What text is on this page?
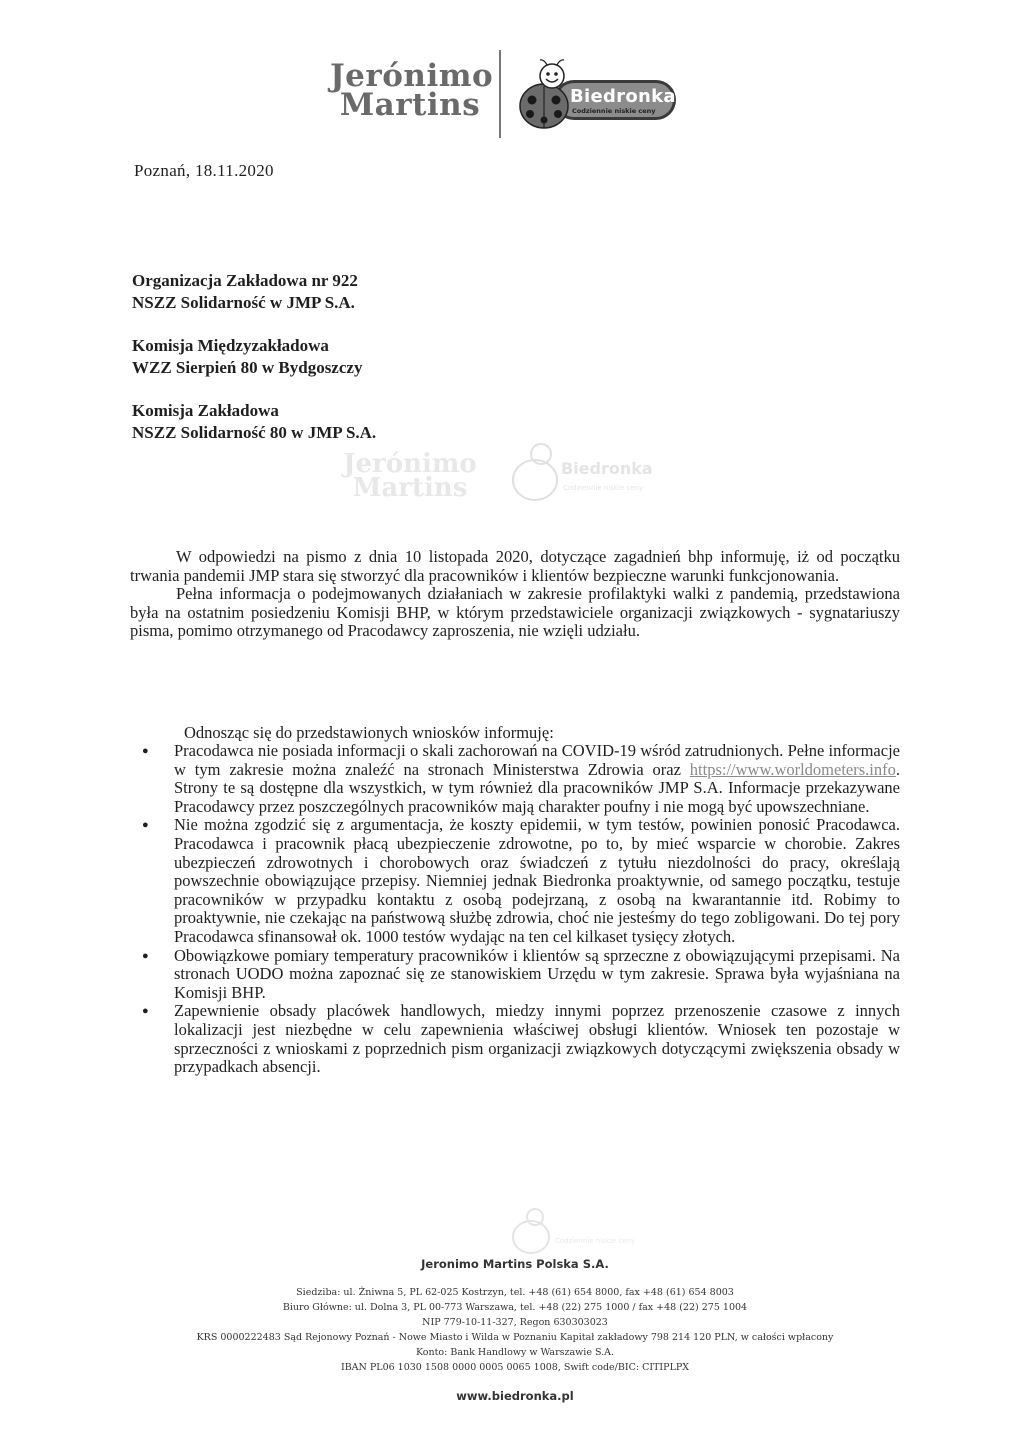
Jerónimo
Martins	Biedronka
Codziennie niskie ceny
Jerónimo
Martins
Biedronka
Codziennie niskie ceny
Codziennie niskie ceny
Poznań, 18.11.2020
Organizacja Zakładowa nr 922
NSZZ Solidarność w JMP S.A.
Komisja Międzyzakładowa
WZZ Sierpień 80 w Bydgoszczy
Komisja Zakładowa
NSZZ Solidarność 80 w JMP S.A.

W odpowiedzi na pismo z dnia 10 listopada 2020, dotyczące zagadnień bhp informuję, iż od początku trwania pandemii JMP stara się stworzyć dla pracowników i klientów bezpieczne warunki funkcjonowania.

Pełna informacja o podejmowanych działaniach w zakresie profilaktyki walki z pandemią, przedstawiona była na ostatnim posiedzeniu Komisji BHP, w którym przedstawiciele organizacji związkowych - sygnatariuszy pisma, pomimo otrzymanego od Pracodawcy zaproszenia, nie wzięli udziału.

Odnosząc się do przedstawionych wniosków informuję:
● Pracodawca nie posiada informacji o skali zachorowań na COVID-19 wśród zatrudnionych. Pełne informacje w tym zakresie można znaleźć na stronach Ministerstwa Zdrowia oraz https://www.worldometers.info. Strony te są dostępne dla wszystkich, w tym również dla pracowników JMP S.A. Informacje przekazywane Pracodawcy przez poszczególnych pracowników mają charakter poufny i nie mogą być upowszechniane.
● Nie można zgodzić się z argumentacja, że koszty epidemii, w tym testów, powinien ponosić Pracodawca. Pracodawca i pracownik płacą ubezpieczenie zdrowotne, po to, by mieć wsparcie w chorobie. Zakres ubezpieczeń zdrowotnych i chorobowych oraz świadczeń z tytułu niezdolności do pracy, określają powszechnie obowiązujące przepisy. Niemniej jednak Biedronka proaktywnie, od samego początku, testuje pracowników w przypadku kontaktu z osobą podejrzaną, z osobą na kwarantannie itd. Robimy to proaktywnie, nie czekając na państwową służbę zdrowia, choć nie jesteśmy do tego zobligowani. Do tej pory Pracodawca sfinansował ok. 1000 testów wydając na ten cel kilkaset tysięcy złotych.
● Obowiązkowe pomiary temperatury pracowników i klientów są sprzeczne z obowiązującymi przepisami. Na stronach UODO można zapoznać się ze stanowiskiem Urzędu w tym zakresie. Sprawa była wyjaśniana na Komisji BHP.
● Zapewnienie obsady placówek handlowych, miedzy innymi poprzez przenoszenie czasowe z innych lokalizacji jest niezbędne w celu zapewnienia właściwej obsługi klientów. Wniosek ten pozostaje w sprzeczności z wnioskami z poprzednich pism organizacji związkowych dotyczącymi zwiększenia obsady w przypadkach absencji.
Jeronimo Martins Polska S.A.
Siedziba: ul. Żniwna 5, PL 62-025 Kostrzyn, tel. +48 (61) 654 8000, fax +48 (61) 654 8003
Biuro Główne: ul. Dolna 3, PL 00-773 Warszawa, tel. +48 (22) 275 1000 / fax +48 (22) 275 1004
NIP 779-10-11-327, Regon 630303023
KRS 0000222483 Sąd Rejonowy Poznań - Nowe Miasto i Wilda w Poznaniu Kapitał zakładowy 798 214 120 PLN, w całości wpłacony
Konto: Bank Handlowy w Warszawie S.A.
IBAN PL06 1030 1508 0000 0005 0065 1008, Swift code/BIC: CITIPLPX
www.biedronka.pl
